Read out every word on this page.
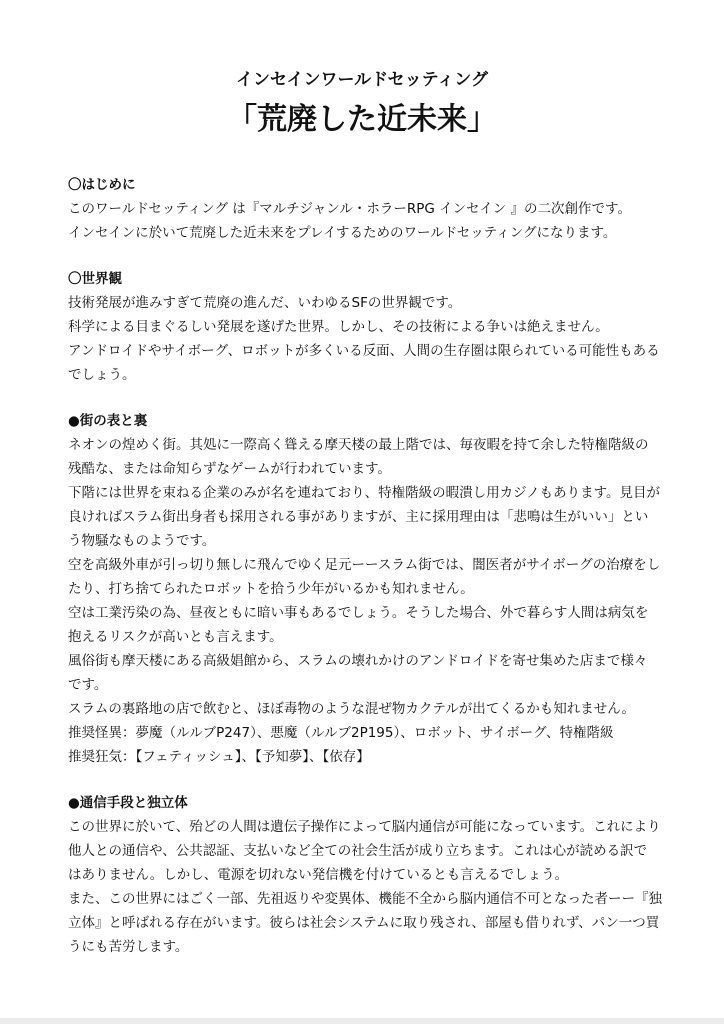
インセインワールドセッティング
「荒廃した近未来」
〇はじめに
このワールドセッティング は『マルチジャンル・ホラーRPG インセイン 』の二次創作です。
インセインに於いて荒廃した近未来をプレイするためのワールドセッティングになります。
〇世界観
技術発展が進みすぎて荒廃の進んだ、いわゆるSFの世界観です。
科学による目まぐるしい発展を遂げた世界。しかし、その技術による争いは絶えません。
アンドロイドやサイボーグ、ロボットが多くいる反面、人間の生存圏は限られている可能性もある
でしょう。
●街の表と裏
ネオンの煌めく街。其処に一際高く聳える摩天楼の最上階では、毎夜暇を持て余した特権階級の
残酷な、または命知らずなゲームが行われています。
下階には世界を束ねる企業のみが名を連ねており、特権階級の暇潰し用カジノもあります。見目が
良ければスラム街出身者も採用される事がありますが、主に採用理由は「悲鳴は生がいい」とい
う物騒なものようです。
空を高級外車が引っ切り無しに飛んでゆく足元ーースラム街では、闇医者がサイボーグの治療をし
たり、打ち捨てられたロボットを拾う少年がいるかも知れません。
空は工業汚染の為、昼夜ともに暗い事もあるでしょう。そうした場合、外で暮らす人間は病気を
抱えるリスクが高いとも言えます。
風俗街も摩天楼にある高級娼館から、スラムの壊れかけのアンドロイドを寄せ集めた店まで様々
です。
スラムの裏路地の店で飲むと、ほぼ毒物のような混ぜ物カクテルが出てくるかも知れません。
推奨怪異：夢魔（ルルブP247）、悪魔（ルルブ2P195）、ロボット、サイボーグ、特権階級
推奨狂気：【フェティッシュ】、【予知夢】、【依存】
●通信手段と独立体
この世界に於いて、殆どの人間は遺伝子操作によって脳内通信が可能になっています。これにより
他人との通信や、公共認証、支払いなど全ての社会生活が成り立ちます。これは心が読める訳で
はありません。しかし、電源を切れない発信機を付けているとも言えるでしょう。
また、この世界にはごく一部、先祖返りや変異体、機能不全から脳内通信不可となった者ーー『独
立体』と呼ばれる存在がいます。彼らは社会システムに取り残され、部屋も借りれず、パン一つ買
うにも苦労します。
